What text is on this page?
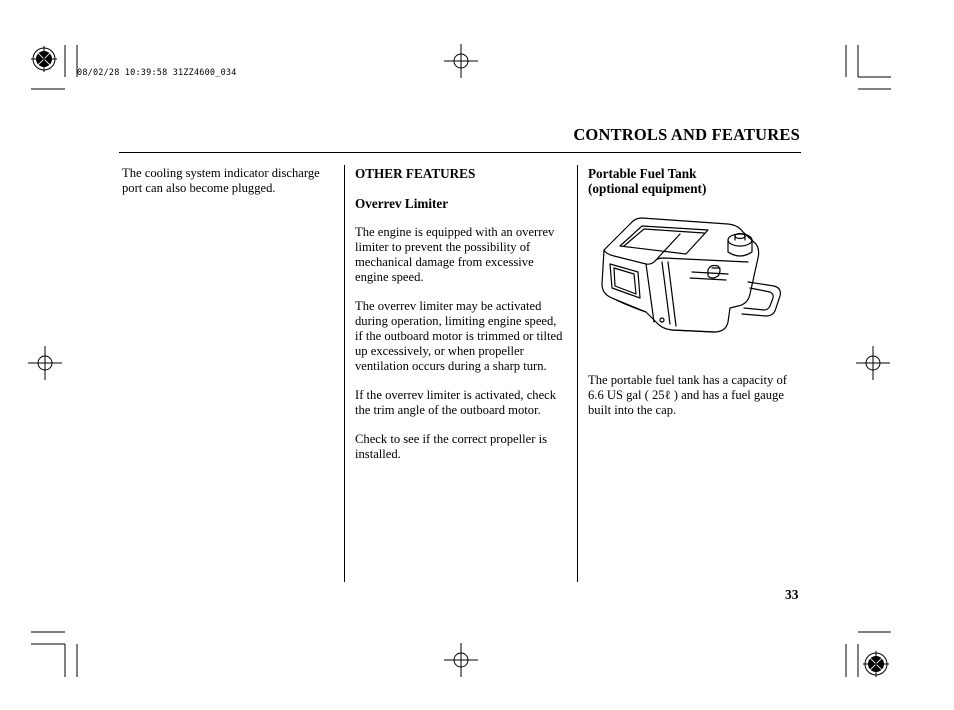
08/02/28 10:39:58 31ZZ4600_034
CONTROLS AND FEATURES

The cooling system indicator discharge port can also become plugged.

OTHER FEATURES
Overrev Limiter

The engine is equipped with an overrev limiter to prevent the possibility of mechanical damage from excessive engine speed.

The overrev limiter may be activated during operation, limiting engine speed, if the outboard motor is trimmed or tilted up excessively, or when propeller ventilation occurs during a sharp turn.

If the overrev limiter is activated, check the trim angle of the outboard motor.

Check to see if the correct propeller is installed.

Portable Fuel Tank
(optional equipment)

The portable fuel tank has a capacity of 6.6 US gal ( 25ℓ ) and has a fuel gauge built into the cap.

33
